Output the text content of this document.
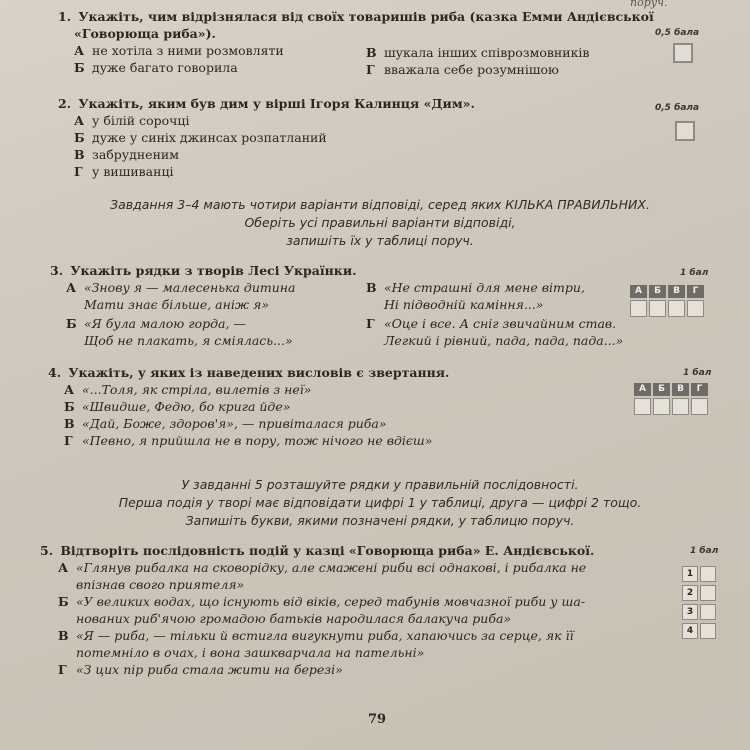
поруч.
1. Укажіть, чим відрізнялася від своїх товаришів риба (казка Емми Андієвської
«Говорюща риба»).
А не хотіла з ними розмовляти
Б дуже багато говорила
В шукала інших співрозмовників
Г вважала себе розумнішою
0,5 бала
2. Укажіть, яким був дим у вірші Ігоря Калинця «Дим».
А у білій сорочці
Б дуже у синіх джинсах розпатланий
В забрудненим
Г у вишиванці
0,5 бала
Завдання 3–4 мають чотири варіанти відповіді, серед яких КІЛЬКА ПРАВИЛЬНИХ.
Оберіть усі правильні варіанти відповіді,
запишіть їх у таблиці поруч.
3. Укажіть рядки з творів Лесі Українки.
А «Знову я — малесенька дитина
Мати знає більше, аніж я»
Б «Я була малою горда, —
Щоб не плакать, я сміялась...»
В «Не страшні для мене вітри,
Ні підводній каміння...»
Г «Оце і все. А сніг звичайним став.
Легкий і рівний, пада, пада, пада...»
1 бал
А	Б	В	Г
4. Укажіть, у яких із наведених висловів є звертання.
А «...Толя, як стріла, вилетів з неї»
Б «Швидше, Федю, бо крига йде»
В «Дай, Боже, здоров'я», — привіталася риба»
Г «Певно, я прийшла не в пору, тож нічого не вдієш»
1 бал
А	Б	В	Г
У завданні 5 розташуйте рядки у правильній послідовності.
Перша подія у творі має відповідати цифрі 1 у таблиці, друга — цифрі 2 тощо.
Запишіть букви, якими позначені рядки, у таблицю поруч.
5. Відтворіть послідовність подій у казці «Говорюща риба» Е. Андієвської.
А «Глянув рибалка на сковорідку, але смажені риби всі однакові, і рибалка не
впізнав свого приятеля»
Б «У великих водах, що існують від віків, серед табунів мовчазної риби у ша-
нованих риб'ячою громадою батьків народилася балакуча риба»
В «Я — риба, — тільки й встигла вигукнути риба, хапаючись за серце, як її
потемніло в очах, і вона зашкварчала на пательні»
Г «З цих пір риба стала жити на березі»
1 бал
1
2
3
4
79
